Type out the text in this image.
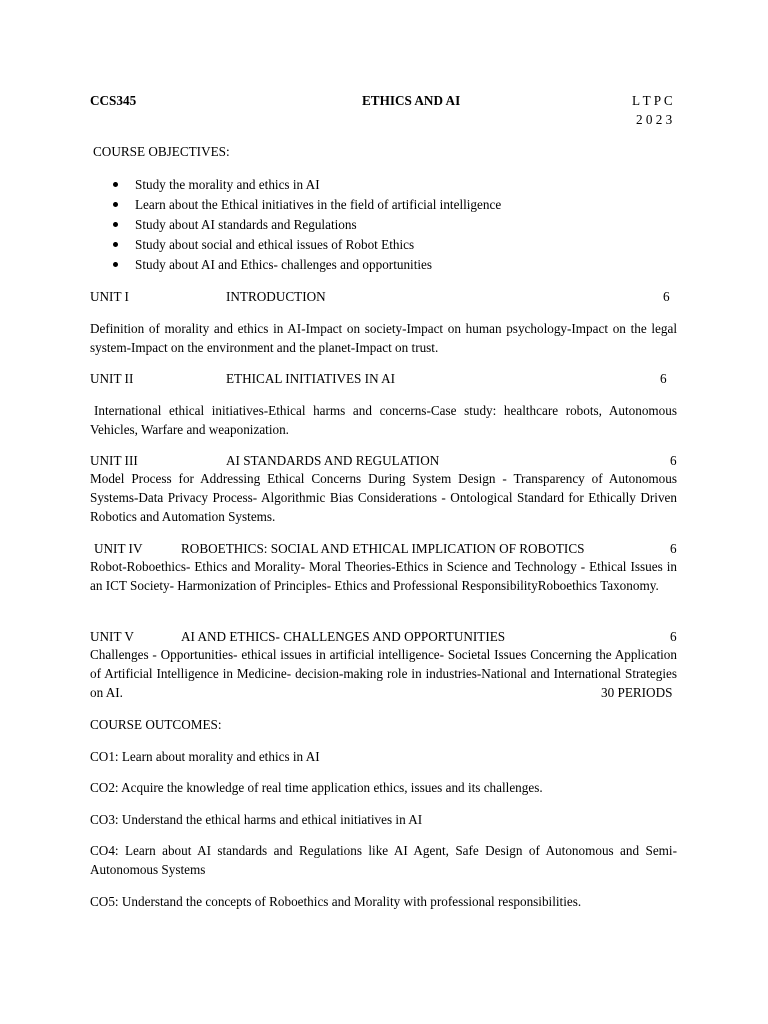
CCS345	ETHICS AND AI	L T P C
2 0 2 3
COURSE OBJECTIVES:
Study the morality and ethics in AI
Learn about the Ethical initiatives in the field of artificial intelligence
Study about AI standards and Regulations
Study about social and ethical issues of Robot Ethics
Study about AI and Ethics- challenges and opportunities
UNIT I	INTRODUCTION	6
Definition of morality and ethics in AI-Impact on society-Impact on human psychology-Impact on the legal system-Impact on the environment and the planet-Impact on trust.
UNIT II	ETHICAL INITIATIVES IN AI	6
International ethical initiatives-Ethical harms and concerns-Case study: healthcare robots, Autonomous Vehicles, Warfare and weaponization.
UNIT III	AI STANDARDS AND REGULATION	6
Model Process for Addressing Ethical Concerns During System Design - Transparency of Autonomous Systems-Data Privacy Process- Algorithmic Bias Considerations - Ontological Standard for Ethically Driven Robotics and Automation Systems.
UNIT IV	ROBOETHICS: SOCIAL AND ETHICAL IMPLICATION OF ROBOTICS	6
Robot-Roboethics- Ethics and Morality- Moral Theories-Ethics in Science and Technology - Ethical Issues in an ICT Society- Harmonization of Principles- Ethics and Professional ResponsibilityRoboethics Taxonomy.
UNIT V	AI AND ETHICS- CHALLENGES AND OPPORTUNITIES	6
Challenges - Opportunities- ethical issues in artificial intelligence- Societal Issues Concerning the Application of Artificial Intelligence in Medicine- decision-making role in industries-National and International Strategies on AI.	30 PERIODS
COURSE OUTCOMES:
CO1: Learn about morality and ethics in AI
CO2: Acquire the knowledge of real time application ethics, issues and its challenges.
CO3: Understand the ethical harms and ethical initiatives in AI
CO4: Learn about AI standards and Regulations like AI Agent, Safe Design of Autonomous and Semi-Autonomous Systems
CO5: Understand the concepts of Roboethics and Morality with professional responsibilities.
